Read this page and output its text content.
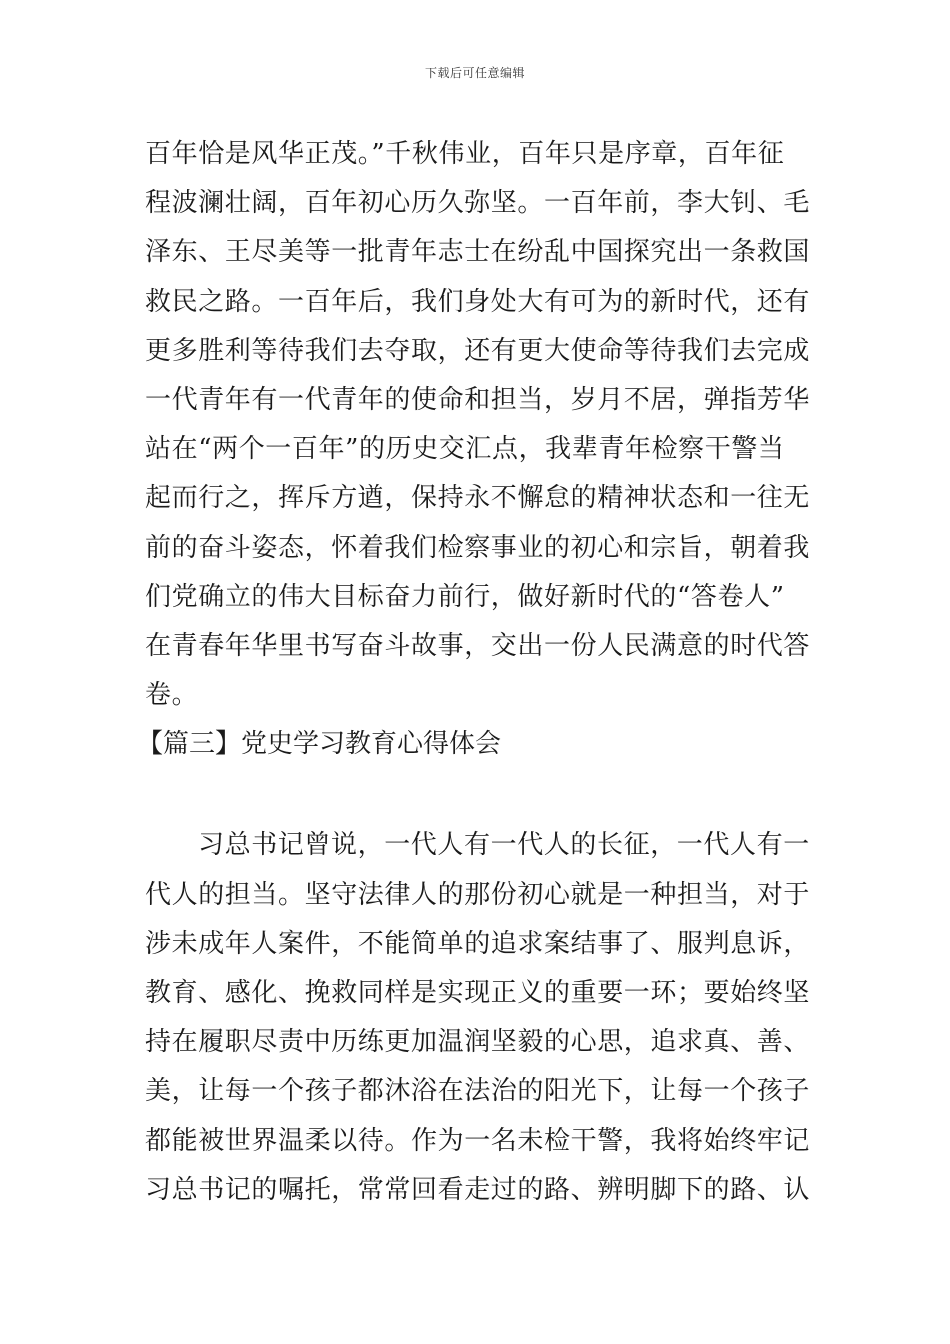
下载后可任意编辑
百年恰是风华正茂。”千秋伟业，百年只是序章，百年征
程波澜壮阔，百年初心历久弥坚。一百年前，李大钊、毛
泽东、王尽美等一批青年志士在纷乱中国探究出一条救国
救民之路。一百年后，我们身处大有可为的新时代，还有
更多胜利等待我们去夺取，还有更大使命等待我们去完成
一代青年有一代青年的使命和担当，岁月不居，弹指芳华
站在“两个一百年”的历史交汇点，我辈青年检察干警当
起而行之，挥斥方遒，保持永不懈怠的精神状态和一往无
前的奋斗姿态，怀着我们检察事业的初心和宗旨，朝着我
们党确立的伟大目标奋力前行，做好新时代的“答卷人”
在青春年华里书写奋斗故事，交出一份人民满意的时代答
卷。
【篇三】党史学习教育心得体会
习总书记曾说，一代人有一代人的长征，一代人有一
代人的担当。坚守法律人的那份初心就是一种担当，对于
涉未成年人案件，不能简单的追求案结事了、服判息诉，
教育、感化、挽救同样是实现正义的重要一环；要始终坚
持在履职尽责中历练更加温润坚毅的心思，追求真、善、
美，让每一个孩子都沐浴在法治的阳光下，让每一个孩子
都能被世界温柔以待。作为一名未检干警，我将始终牢记
习总书记的嘱托，常常回看走过的路、辨明脚下的路、认
